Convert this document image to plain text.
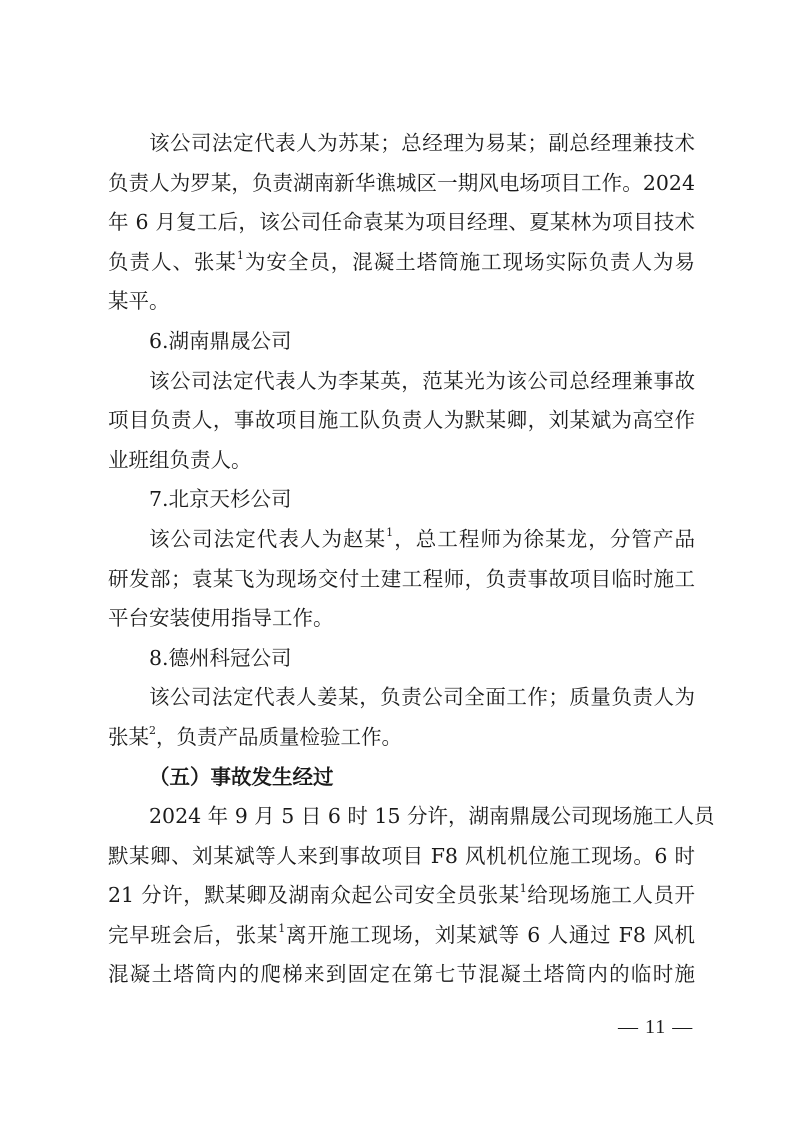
该公司法定代表人为苏某；总经理为易某；副总经理兼技术
负责人为罗某，负责湖南新华谯城区一期风电场项目工作。2024
年 6 月复工后，该公司任命袁某为项目经理、夏某林为项目技术
负责人、张某$^1$为安全员，混凝土塔筒施工现场实际负责人为易
某平。
6.湖南鼎晟公司
该公司法定代表人为李某英，范某光为该公司总经理兼事故
项目负责人，事故项目施工队负责人为默某卿，刘某斌为高空作
业班组负责人。
7.北京天杉公司
该公司法定代表人为赵某$^1$，总工程师为徐某龙，分管产品
研发部；袁某飞为现场交付土建工程师，负责事故项目临时施工
平台安装使用指导工作。
8.德州科冠公司
该公司法定代表人姜某，负责公司全面工作；质量负责人为
张某$^2$，负责产品质量检验工作。
（五）事故发生经过
2024 年 9 月 5 日 6 时 15 分许，湖南鼎晟公司现场施工人员
默某卿、刘某斌等人来到事故项目 F8 风机机位施工现场。6 时
21 分许，默某卿及湖南众起公司安全员张某$^1$给现场施工人员开
完早班会后，张某$^1$离开施工现场，刘某斌等 6 人通过 F8 风机
混凝土塔筒内的爬梯来到固定在第七节混凝土塔筒内的临时施
— 11 —
